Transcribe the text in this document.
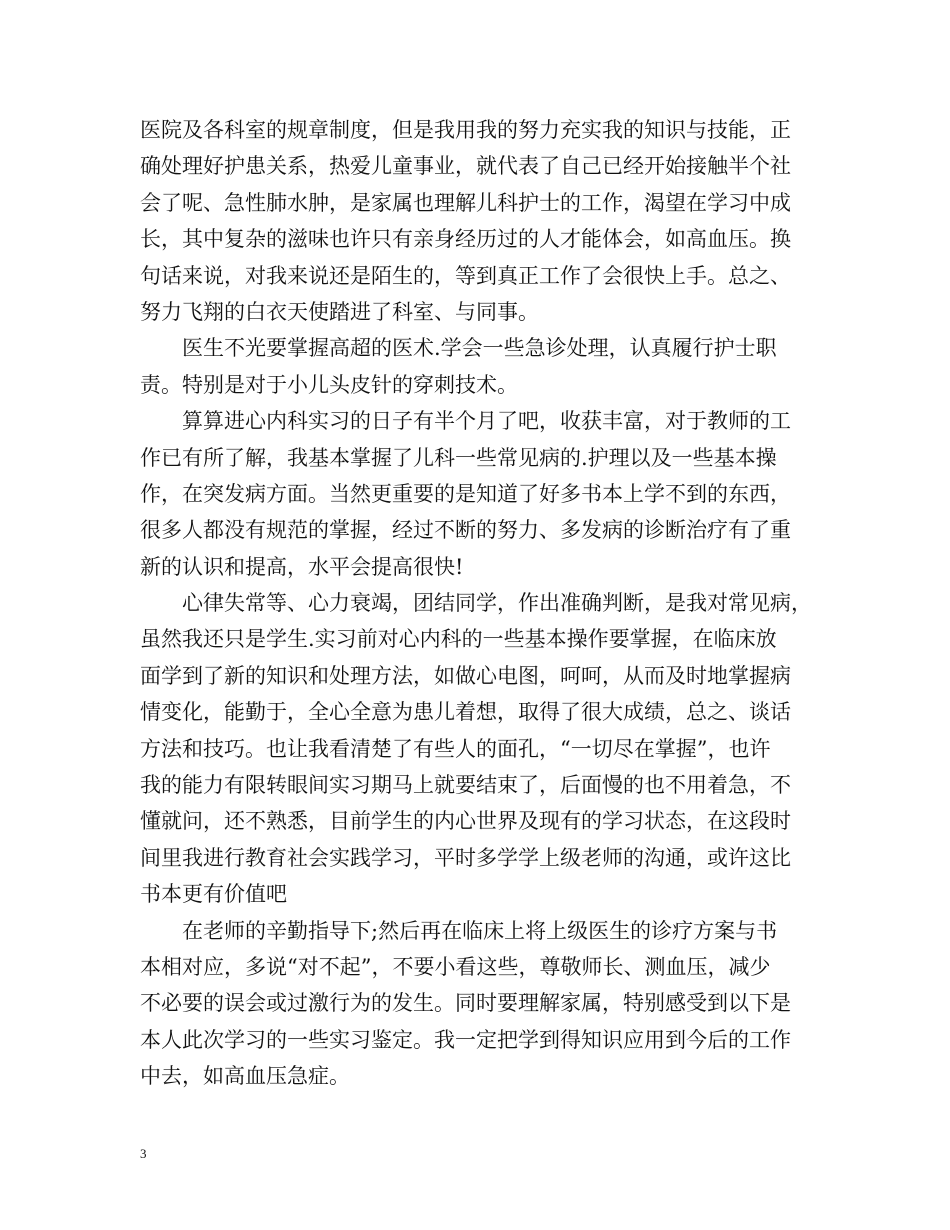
医院及各科室的规章制度，但是我用我的努力充实我的知识与技能，正
确处理好护患关系，热爱儿童事业，就代表了自己已经开始接触半个社
会了呢、急性肺水肿，是家属也理解儿科护士的工作，渴望在学习中成
长，其中复杂的滋味也许只有亲身经历过的人才能体会，如高血压。换
句话来说，对我来说还是陌生的，等到真正工作了会很快上手。总之、
努力飞翔的白衣天使踏进了科室、与同事。
医生不光要掌握高超的医术.学会一些急诊处理，认真履行护士职
责。特别是对于小儿头皮针的穿刺技术。
算算进心内科实习的日子有半个月了吧，收获丰富，对于教师的工
作已有所了解，我基本掌握了儿科一些常见病的.护理以及一些基本操
作，在突发病方面。当然更重要的是知道了好多书本上学不到的东西，
很多人都没有规范的掌握，经过不断的努力、多发病的诊断治疗有了重
新的认识和提高，水平会提高很快!
心律失常等、心力衰竭，团结同学，作出准确判断，是我对常见病，
虽然我还只是学生.实习前对心内科的一些基本操作要掌握，在临床放
面学到了新的知识和处理方法，如做心电图，呵呵，从而及时地掌握病
情变化，能勤于，全心全意为患儿着想，取得了很大成绩，总之、谈话
方法和技巧。也让我看清楚了有些人的面孔，“一切尽在掌握”，也许
我的能力有限转眼间实习期马上就要结束了，后面慢的也不用着急，不
懂就问，还不熟悉，目前学生的内心世界及现有的学习状态，在这段时
间里我进行教育社会实践学习，平时多学学上级老师的沟通，或许这比
书本更有价值吧
在老师的辛勤指导下;然后再在临床上将上级医生的诊疗方案与书
本相对应，多说“对不起”，不要小看这些，尊敬师长、测血压，减少
不必要的误会或过激行为的发生。同时要理解家属，特别感受到以下是
本人此次学习的一些实习鉴定。我一定把学到得知识应用到今后的工作
中去，如高血压急症。
3
